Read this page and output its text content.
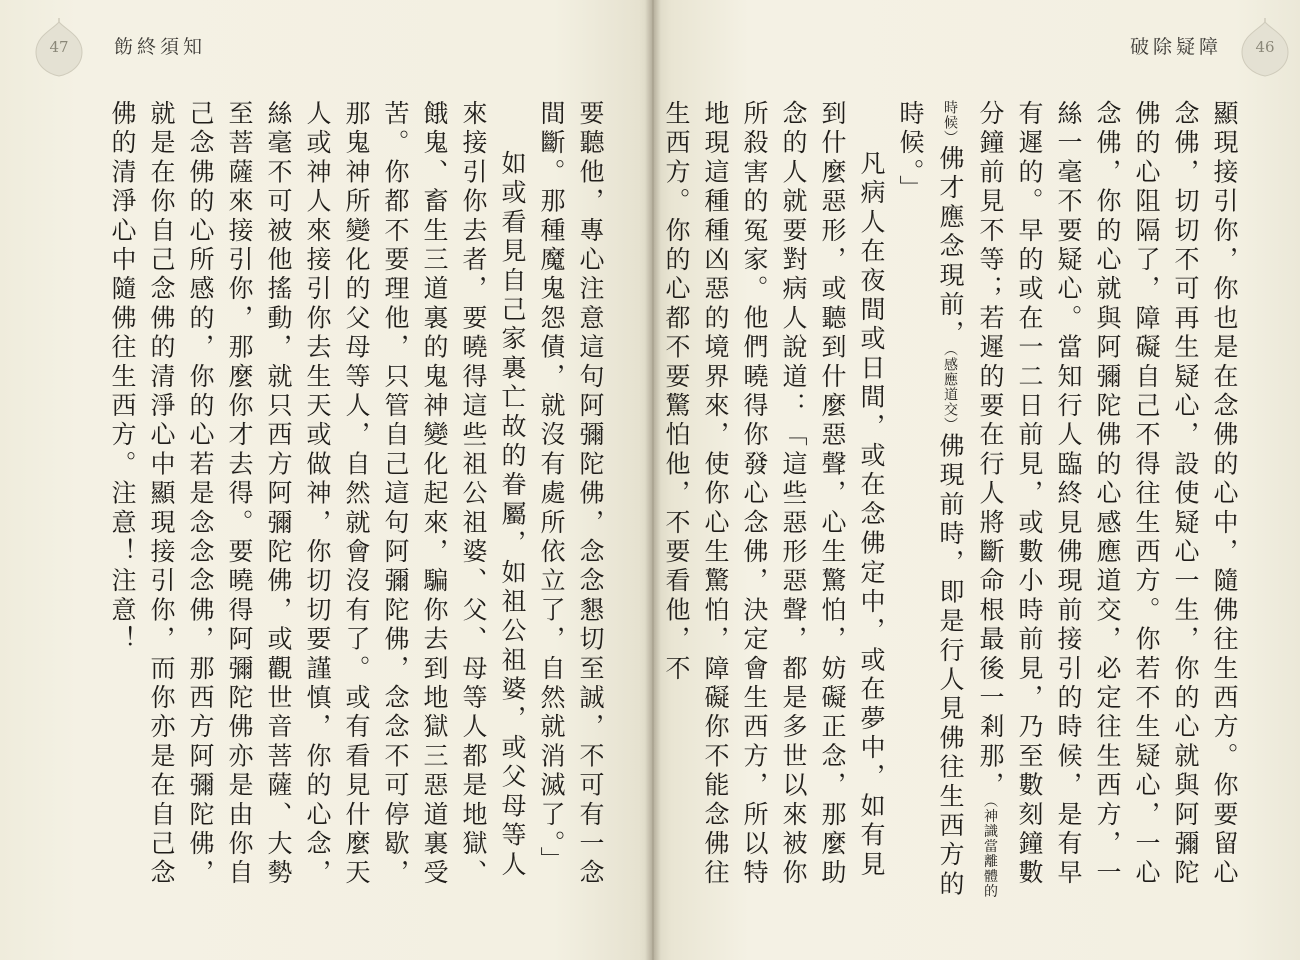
47	飭終須知

要聽他，專心注意這句阿彌陀佛，念念懇切至誠，不可有一念間斷。那種魔鬼怨債，就沒有處所依立了，自然就消滅了。」

如或看見自己家裏亡故的眷屬，如祖公祖婆，或父母等人來接引你去者，要曉得這些祖公祖婆、父、母等人都是地獄、餓鬼、畜生三道裏的鬼神變化起來，騙你去到地獄三惡道裏受苦。你都不要理他，只管自己這句阿彌陀佛，念念不可停歇，那鬼神所變化的父母等人，自然就會沒有了。或有看見什麼天人或神人來接引你去生天或做神，你切切要謹慎，你的心念，絲毫不可被他搖動，就只西方阿彌陀佛，或觀世音菩薩、大勢至菩薩來接引你，那麼你才去得。要曉得阿彌陀佛亦是由你自己念佛的心所感的，你的心若是念念念佛，那西方阿彌陀佛，就是在你自己念佛的清淨心中顯現接引你，而你亦是在自己念佛的清淨心中隨佛往生西方。注意！注意！

46
破除疑障

顯現接引你，你也是在念佛的心中，隨佛往生西方。你要留心念佛，切切不可再生疑心，設使疑心一生，你的心就與阿彌陀佛的心阻隔了，障礙自己不得往生西方。你若不生疑心，一心念佛，你的心就與阿彌陀佛的心感應道交，必定往生西方，一絲一毫不要疑心。當知行人臨終見佛現前接引的時候，是有早有遲的。早的或在一二日前見，或數小時前見，乃至數刻鐘數分鐘前見不等；若遲的要在行人將斷命根最後一剎那，（神識當離體的時候）佛才應念現前，（感應道交）佛現前時，即是行人見佛往生西方的時候。」

凡病人在夜間或日間，或在念佛定中，或在夢中，如有見到什麼惡形，或聽到什麼惡聲，心生驚怕，妨礙正念，那麼助念的人就要對病人說道：「這些惡形惡聲，都是多世以來被你所殺害的冤家。他們曉得你發心念佛，決定會生西方，所以特地現這種種凶惡的境界來，使你心生驚怕，障礙你不能念佛往生西方。你的心都不要驚怕他，不要看他，不
